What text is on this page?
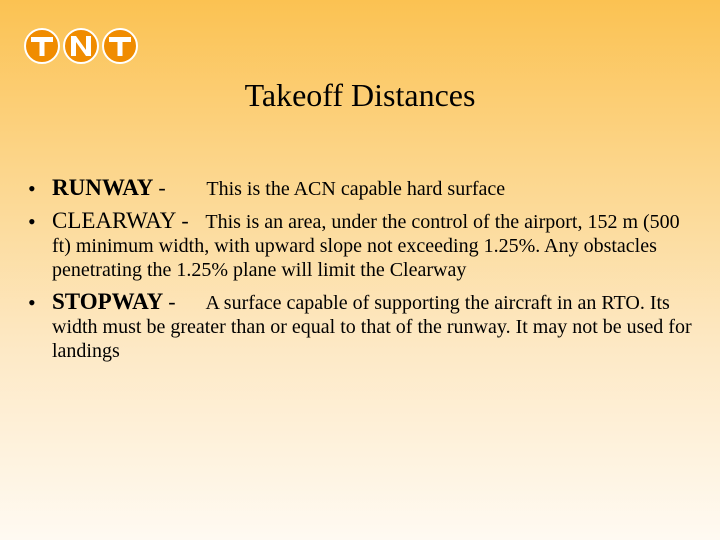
Takeoff Distances
• RUNWAY - This is the ACN capable hard surface
• CLEARWAY - This is an area, under the control of the airport, 152 m (500 ft) minimum width, with upward slope not exceeding 1.25%. Any obstacles penetrating the 1.25% plane will limit the Clearway
• STOPWAY - A surface capable of supporting the aircraft in an RTO. Its width must be greater than or equal to that of the runway. It may not be used for landings
